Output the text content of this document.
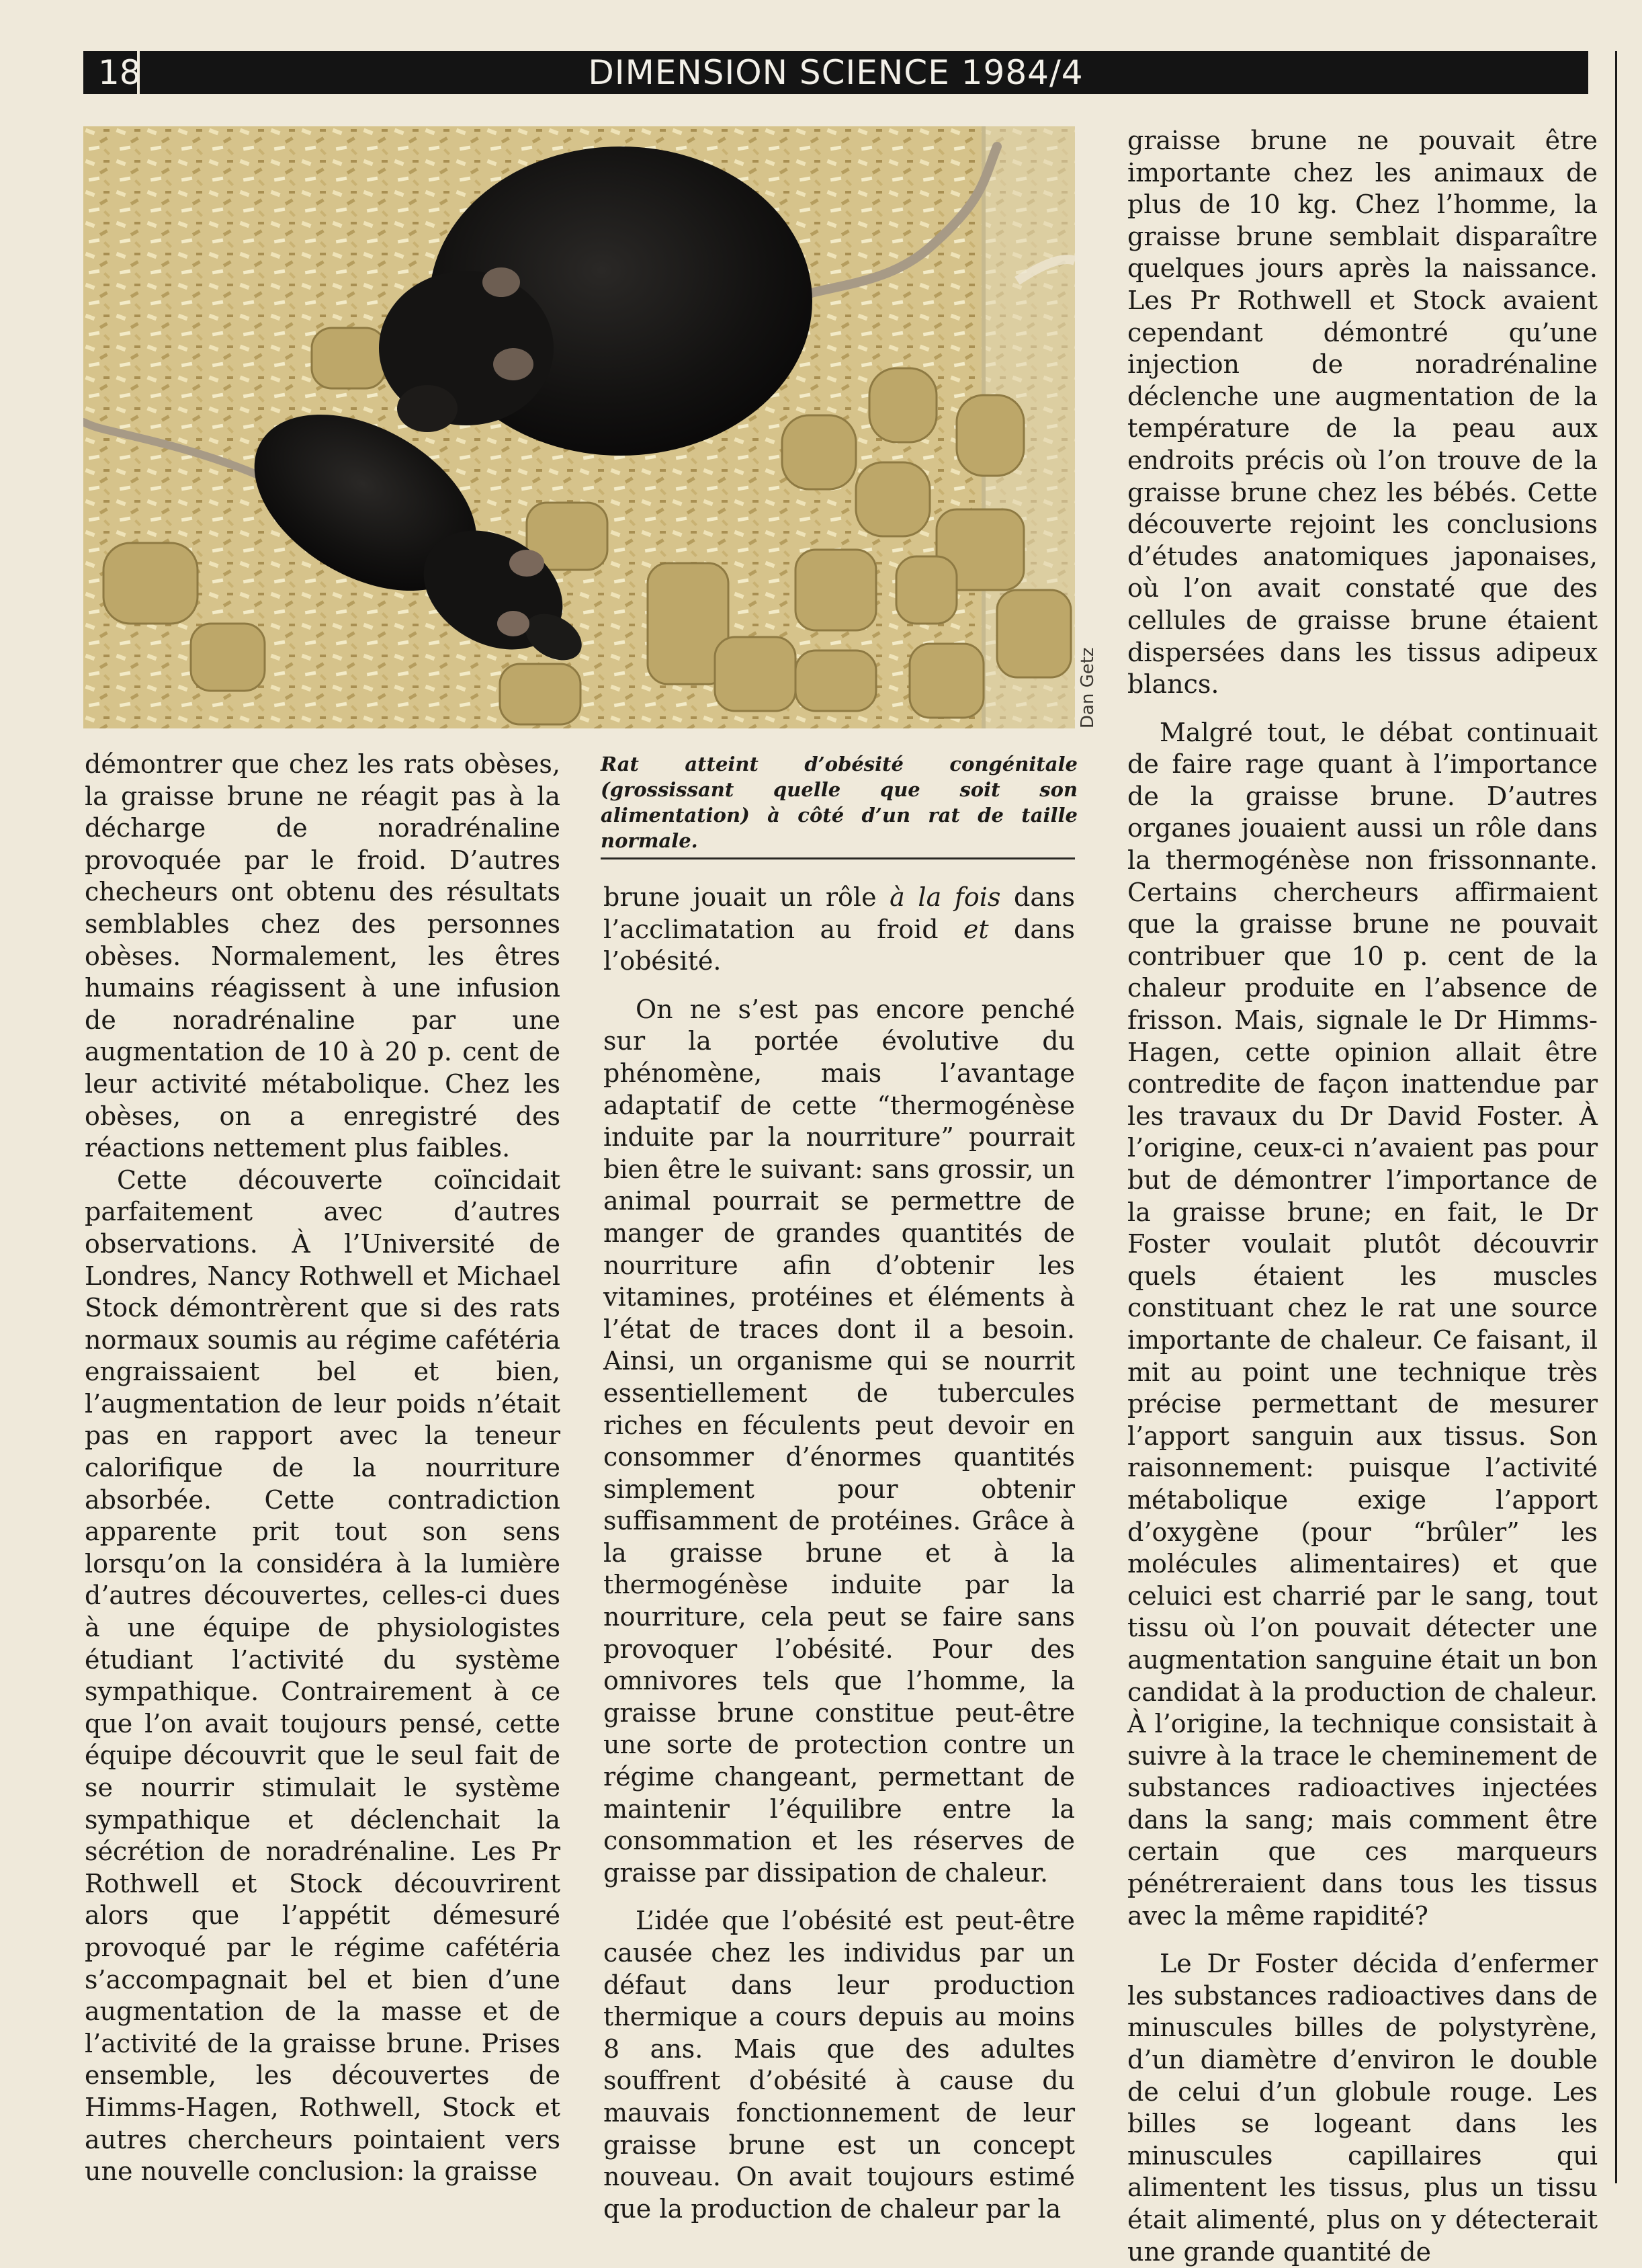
18	DIMENSION SCIENCE 1984/4
Dan Getz
Rat atteint d’obésité congénitale (grossissant quelle que soit son alimentation) à côté d’un rat de taille normale.

démontrer que chez les rats obèses, la graisse brune ne réagit pas à la décharge de noradrénaline provoquée par le froid. D’autres checheurs ont obtenu des résultats semblables chez des personnes obèses. Normalement, les êtres humains réagissent à une infusion de noradrénaline par une augmentation de 10 à 20 p. cent de leur activité métabolique. Chez les obèses, on a enregistré des réactions nettement plus faibles.

Cette découverte coïncidait parfaitement avec d’autres observations. À l’Université de Londres, Nancy Rothwell et Michael Stock démontrèrent que si des rats normaux soumis au régime cafétéria engraissaient bel et bien, l’augmentation de leur poids n’était pas en rapport avec la teneur calorifique de la nourriture absorbée. Cette contradiction apparente prit tout son sens lorsqu’on la considéra à la lumière d’autres découvertes, celles-ci dues à une équipe de physiologistes étudiant l’activité du système sympathique. Contrairement à ce que l’on avait toujours pensé, cette équipe découvrit que le seul fait de se nourrir stimulait le système sympathique et déclenchait la sécrétion de noradrénaline. Les Pr Rothwell et Stock découvrirent alors que l’appétit démesuré provoqué par le régime cafétéria s’accompagnait bel et bien d’une augmentation de la masse et de l’activité de la graisse brune. Prises ensemble, les découvertes de Himms-Hagen, Rothwell, Stock et autres chercheurs pointaient vers une nouvelle conclusion: la graisse

brune jouait un rôle à la fois dans l’acclimatation au froid et dans l’obésité.

On ne s’est pas encore penché sur la portée évolutive du phénomène, mais l’avantage adaptatif de cette “thermogénèse induite par la nourriture” pourrait bien être le suivant: sans grossir, un animal pourrait se permettre de manger de grandes quantités de nourriture afin d’obtenir les vitamines, protéines et éléments à l’état de traces dont il a besoin. Ainsi, un organisme qui se nourrit essentiellement de tubercules riches en féculents peut devoir en consommer d’énormes quantités simplement pour obtenir suffisamment de protéines. Grâce à la graisse brune et à la thermogénèse induite par la nourriture, cela peut se faire sans provoquer l’obésité. Pour des omnivores tels que l’homme, la graisse brune constitue peut-être une sorte de protection contre un régime changeant, permettant de maintenir l’équilibre entre la consommation et les réserves de graisse par dissipation de chaleur.

L’idée que l’obésité est peut-être causée chez les individus par un défaut dans leur production thermique a cours depuis au moins 8 ans. Mais que des adultes souffrent d’obésité à cause du mauvais fonctionnement de leur graisse brune est un concept nouveau. On avait toujours estimé que la production de chaleur par la

graisse brune ne pouvait être importante chez les animaux de plus de 10 kg. Chez l’homme, la graisse brune semblait disparaître quelques jours après la naissance. Les Pr Rothwell et Stock avaient cependant démontré qu’une injection de noradrénaline déclenche une augmentation de la température de la peau aux endroits précis où l’on trouve de la graisse brune chez les bébés. Cette découverte rejoint les conclusions d’études anatomiques japonaises, où l’on avait constaté que des cellules de graisse brune étaient dispersées dans les tissus adipeux blancs.

Malgré tout, le débat continuait de faire rage quant à l’importance de la graisse brune. D’autres organes jouaient aussi un rôle dans la thermogénèse non frissonnante. Certains chercheurs affirmaient que la graisse brune ne pouvait contribuer que 10 p. cent de la chaleur produite en l’absence de frisson. Mais, signale le Dr Himms-Hagen, cette opinion allait être contredite de façon inattendue par les travaux du Dr David Foster. À l’origine, ceux-ci n’avaient pas pour but de démontrer l’importance de la graisse brune; en fait, le Dr Foster voulait plutôt découvrir quels étaient les muscles constituant chez le rat une source importante de chaleur. Ce faisant, il mit au point une technique très précise permettant de mesurer l’apport sanguin aux tissus. Son raisonnement: puisque l’activité métabolique exige l’apport d’oxygène (pour “brûler” les molécules alimentaires) et que celuici est charrié par le sang, tout tissu où l’on pouvait détecter une augmentation sanguine était un bon candidat à la production de chaleur. À l’origine, la technique consistait à suivre à la trace le cheminement de substances radioactives injectées dans la sang; mais comment être certain que ces marqueurs pénétreraient dans tous les tissus avec la même rapidité?

Le Dr Foster décida d’enfermer les substances radioactives dans de minuscules billes de polystyrène, d’un diamètre d’environ le double de celui d’un globule rouge. Les billes se logeant dans les minuscules capillaires qui alimentent les tissus, plus un tissu était alimenté, plus on y détecterait une grande quantité de
